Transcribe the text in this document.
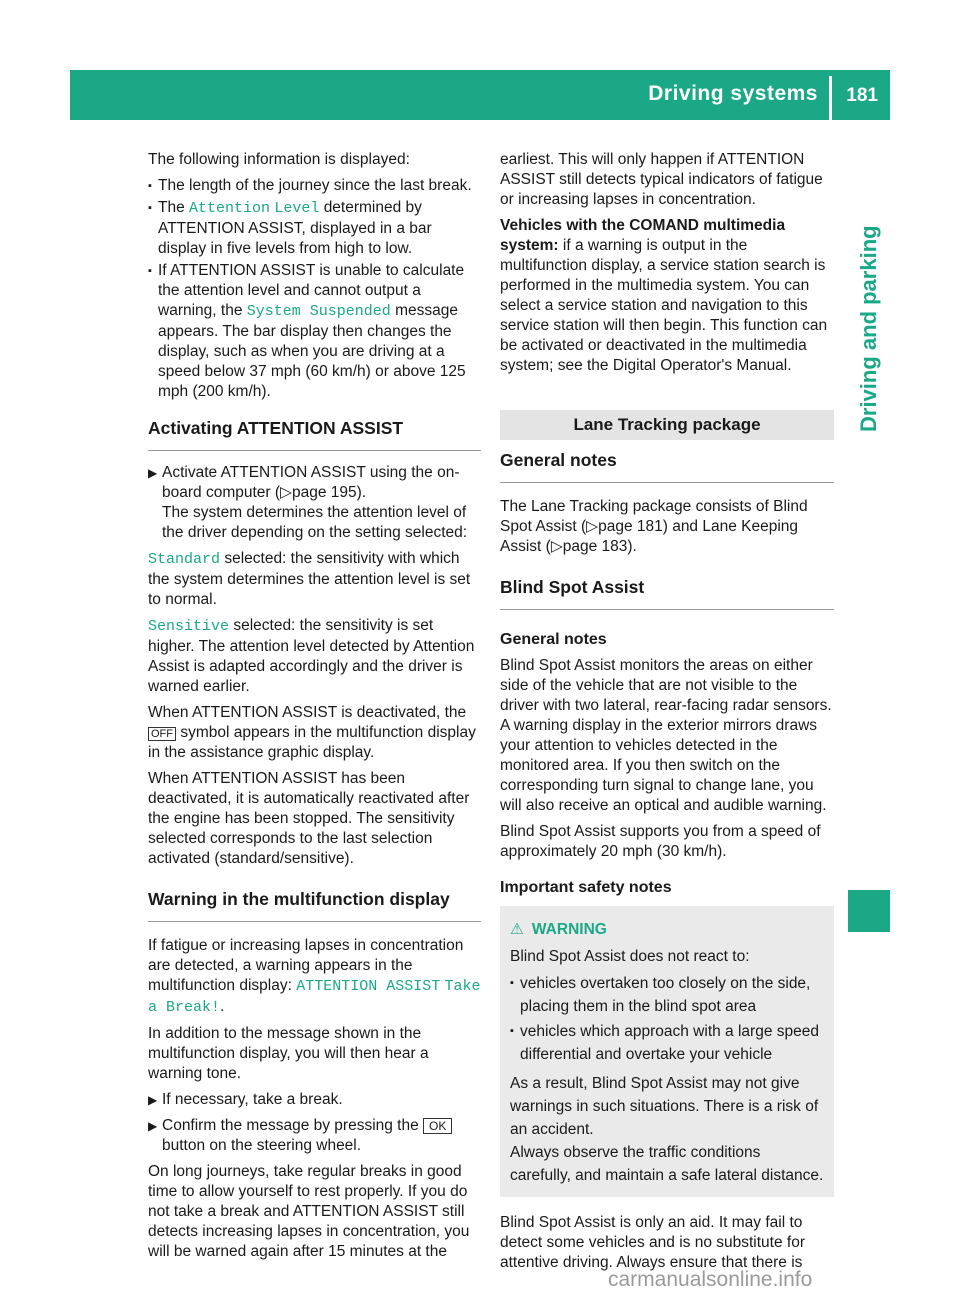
Driving systems 181
Driving and parking

The following information is displayed:

▪ The length of the journey since the last break.
▪ The Attention Level determined by ATTENTION ASSIST, displayed in a bar display in five levels from high to low.
▪ If ATTENTION ASSIST is unable to calculate the attention level and cannot output a warning, the System Suspended message appears. The bar display then changes the display, such as when you are driving at a speed below 37 mph (60 km/h) or above 125 mph (200 km/h).
Activating ATTENTION ASSIST
▶ Activate ATTENTION ASSIST using the on-board computer (▷page 195).
The system determines the attention level of the driver depending on the setting selected:

Standard selected: the sensitivity with which the system determines the attention level is set to normal.

Sensitive selected: the sensitivity is set higher. The attention level detected by Attention Assist is adapted accordingly and the driver is warned earlier.

When ATTENTION ASSIST is deactivated, the OFF symbol appears in the multifunction display in the assistance graphic display.

When ATTENTION ASSIST has been deactivated, it is automatically reactivated after the engine has been stopped. The sensitivity selected corresponds to the last selection activated (standard/sensitive).

Warning in the multifunction display

If fatigue or increasing lapses in concentration are detected, a warning appears in the multifunction display: ATTENTION ASSIST Take a Break!.

In addition to the message shown in the multifunction display, you will then hear a warning tone.

▶ If necessary, take a break.
▶ Confirm the message by pressing the OK button on the steering wheel.

On long journeys, take regular breaks in good time to allow yourself to rest properly. If you do not take a break and ATTENTION ASSIST still detects increasing lapses in concentration, you will be warned again after 15 minutes at the

earliest. This will only happen if ATTENTION ASSIST still detects typical indicators of fatigue or increasing lapses in concentration.

Vehicles with the COMAND multimedia system: if a warning is output in the multifunction display, a service station search is performed in the multimedia system. You can select a service station and navigation to this service station will then begin. This function can be activated or deactivated in the multimedia system; see the Digital Operator's Manual.

Lane Tracking package
General notes

The Lane Tracking package consists of Blind Spot Assist (▷page 181) and Lane Keeping Assist (▷page 183).

Blind Spot Assist
General notes

Blind Spot Assist monitors the areas on either side of the vehicle that are not visible to the driver with two lateral, rear-facing radar sensors. A warning display in the exterior mirrors draws your attention to vehicles detected in the monitored area. If you then switch on the corresponding turn signal to change lane, you will also receive an optical and audible warning.

Blind Spot Assist supports you from a speed of approximately 20 mph (30 km/h).

Important safety notes
⚠ WARNING
Blind Spot Assist does not react to:
▪ vehicles overtaken too closely on the side, placing them in the blind spot area
▪ vehicles which approach with a large speed differential and overtake your vehicle
As a result, Blind Spot Assist may not give warnings in such situations. There is a risk of an accident.
Always observe the traffic conditions carefully, and maintain a safe lateral distance.

Blind Spot Assist is only an aid. It may fail to detect some vehicles and is no substitute for attentive driving. Always ensure that there is

carmanualsonline.info
